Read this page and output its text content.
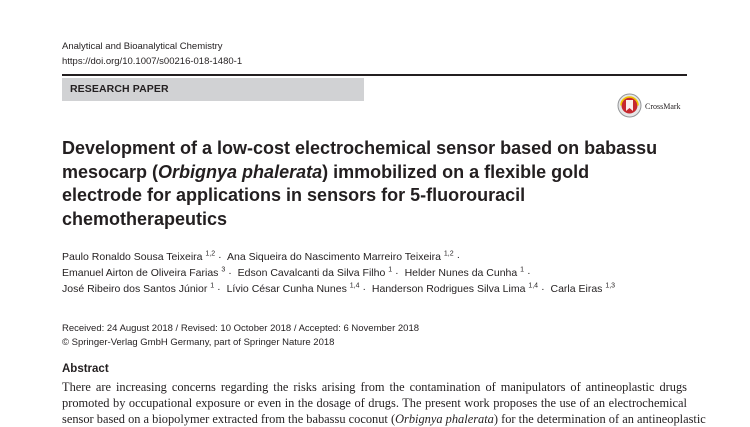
Analytical and Bioanalytical Chemistry
https://doi.org/10.1007/s00216-018-1480-1
RESEARCH PAPER
CrossMark
Development of a low-cost electrochemical sensor based on babassu mesocarp (Orbignya phalerata) immobilized on a flexible gold electrode for applications in sensors for 5-fluorouracil chemotherapeutics
Paulo Ronaldo Sousa Teixeira $^{1,2}$ · Ana Siqueira do Nascimento Marreiro Teixeira $^{1,2}$ ·
Emanuel Airton de Oliveira Farias $^3$ · Edson Cavalcanti da Silva Filho $^1$ · Helder Nunes da Cunha $^1$ ·
José Ribeiro dos Santos Júnior $^1$ · Lívio César Cunha Nunes $^{1,4}$ · Handerson Rodrigues Silva Lima $^{1,4}$ · Carla Eiras $^{1,3}$
Received: 24 August 2018 / Revised: 10 October 2018 / Accepted: 6 November 2018
© Springer-Verlag GmbH Germany, part of Springer Nature 2018
Abstract

There are increasing concerns regarding the risks arising from the contamination of manipulators of antineoplastic drugs
promoted by occupational exposure or even in the dosage of drugs. The present work proposes the use of an electrochemical
sensor based on a biopolymer extracted from the babassu coconut (Orbignya phalerata) for the determination of an antineoplastic
